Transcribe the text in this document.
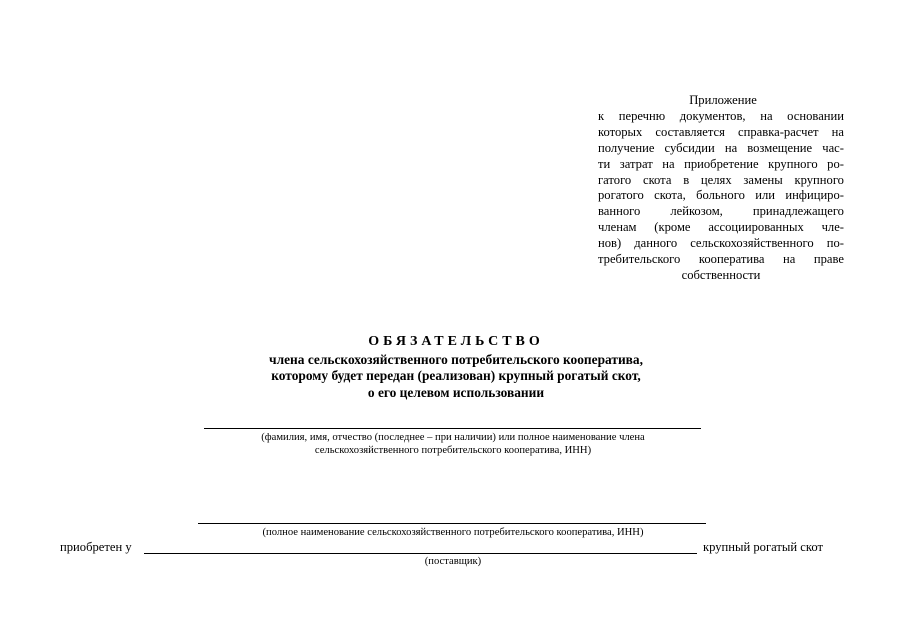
Приложение
к перечню документов, на основании
которых составляется справка-расчет на
получение субсидии на возмещение час-
ти затрат на приобретение крупного ро-
гатого скота в целях замены крупного
рогатого скота, больного или инфициро-
ванного лейкозом, принадлежащего
членам (кроме ассоциированных чле-
нов) данного сельскохозяйственного по-
требительского кооператива на праве
собственности
ОБЯЗАТЕЛЬСТВО
члена сельскохозяйственного потребительского кооператива,
которому будет передан (реализован) крупный рогатый скот,
о его целевом использовании
(фамилия, имя, отчество (последнее – при наличии) или полное наименование члена
сельскохозяйственного потребительского кооператива, ИНН)
(полное наименование сельскохозяйственного потребительского кооператива, ИНН)
приобретен у	крупный рогатый скот
(поставщик)
